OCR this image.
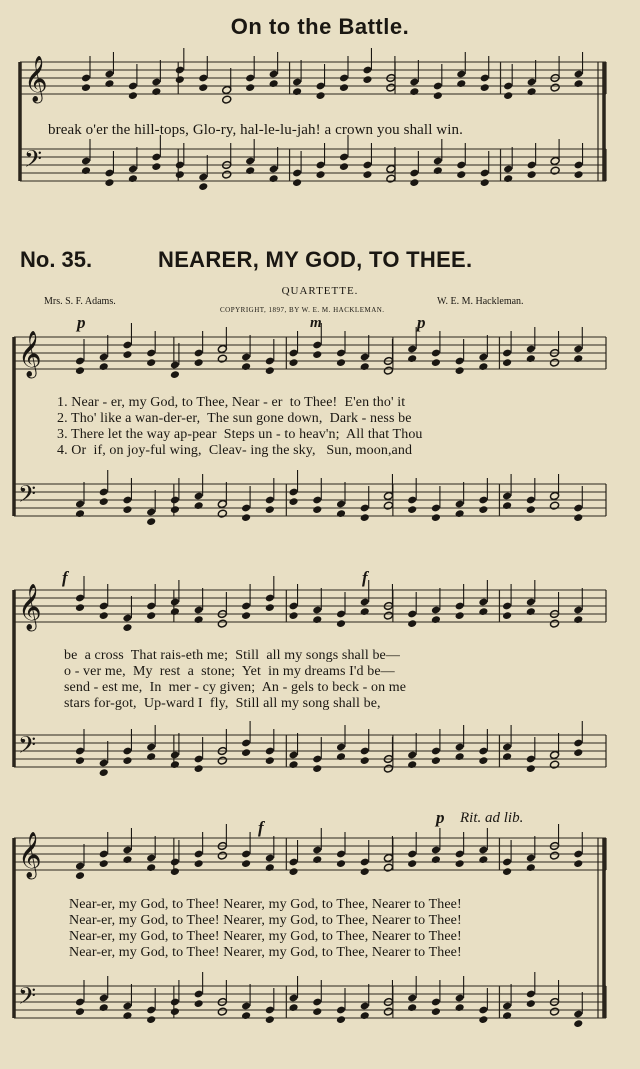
𝄞
𝄢
𝄞
𝄢
𝄞
𝄢
𝄞
𝄢
On to the Battle.
break o'er the hill-tops, Glo-ry, hal-le-lu-jah! a crown you shall win.
No. 35.	NEARER, MY GOD, TO THEE.
QUARTETTE.
Mrs. S. F. Adams.
COPYRIGHT, 1897, BY W. E. M. HACKLEMAN.
W. E. M. Hackleman.
p	m	p
1. Near - er, my God, to Thee, Near - er  to Thee!  E'en tho' it
2. Tho' like a wan-der-er,  The sun gone down,  Dark - ness be
3. There let the way ap-pear  Steps un - to heav'n;  All that Thou
4. Or  if, on joy-ful wing,  Cleav- ing the sky,   Sun, moon,and
f	f
be  a cross  That rais-eth me;  Still  all my songs shall be—
o - ver me,  My  rest  a  stone;  Yet  in my dreams I'd be—
send - est me,  In  mer - cy given;  An - gels to beck - on me
stars for-got,  Up-ward I  fly,  Still all my song shall be,
f
p Rit. ad lib.
Near-er, my God, to Thee! Nearer, my God, to Thee, Nearer to Thee!
Near-er, my God, to Thee! Nearer, my God, to Thee, Nearer to Thee!
Near-er, my God, to Thee! Nearer, my God, to Thee, Nearer to Thee!
Near-er, my God, to Thee! Nearer, my God, to Thee, Nearer to Thee!
